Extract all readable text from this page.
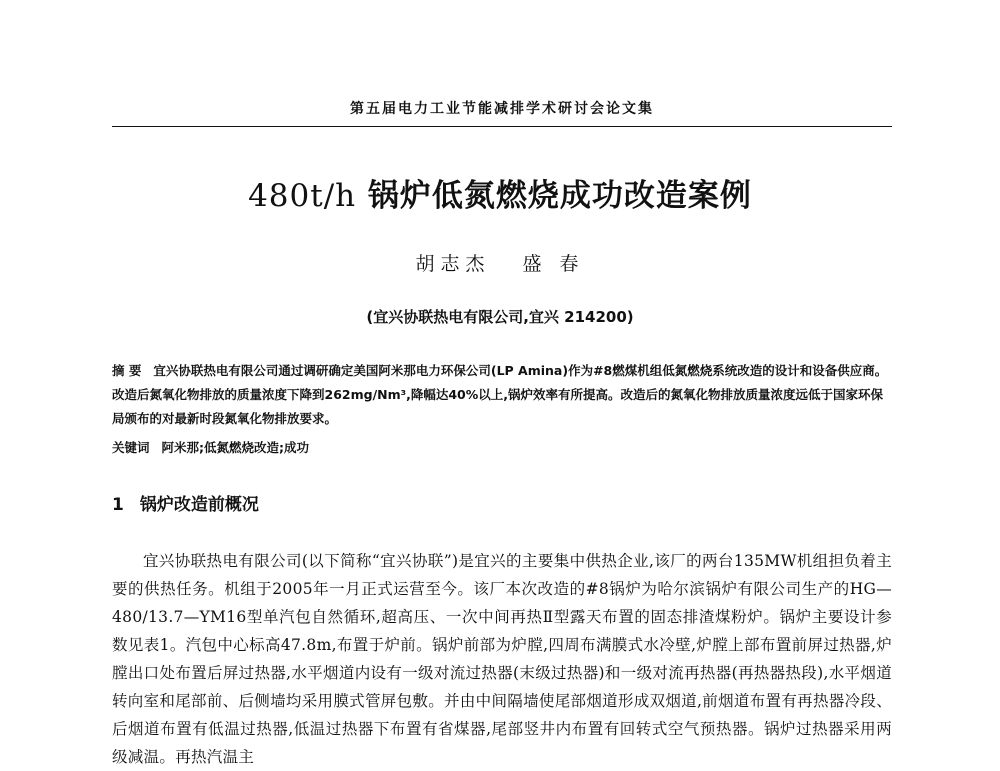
第五届电力工业节能减排学术研讨会论文集
480t/h 锅炉低氮燃烧成功改造案例
胡志杰 盛 春
(宜兴协联热电有限公司,宜兴 214200)
摘 要 宜兴协联热电有限公司通过调研确定美国阿米那电力环保公司(LP Amina)作为#8燃煤机组低氮燃烧系统改造的设计和设备供应商。改造后氮氧化物排放的质量浓度下降到262mg/Nm³,降幅达40%以上,锅炉效率有所提高。改造后的氮氧化物排放质量浓度远低于国家环保局颁布的对最新时段氮氧化物排放要求。
关键词 阿米那;低氮燃烧改造;成功
1 锅炉改造前概况
宜兴协联热电有限公司(以下简称“宜兴协联”)是宜兴的主要集中供热企业,该厂的两台135MW机组担负着主要的供热任务。机组于2005年一月正式运营至今。该厂本次改造的#8锅炉为哈尔滨锅炉有限公司生产的HG—480/13.7—YM16型单汽包自然循环,超高压、一次中间再热Ⅱ型露天布置的固态排渣煤粉炉。锅炉主要设计参数见表1。汽包中心标高47.8m,布置于炉前。锅炉前部为炉膛,四周布满膜式水冷壁,炉膛上部布置前屏过热器,炉膛出口处布置后屏过热器,水平烟道内设有一级对流过热器(末级过热器)和一级对流再热器(再热器热段),水平烟道转向室和尾部前、后侧墙均采用膜式管屏包敷。并由中间隔墙使尾部烟道形成双烟道,前烟道布置有再热器冷段、后烟道布置有低温过热器,低温过热器下布置有省煤器,尾部竖井内布置有回转式空气预热器。锅炉过热器采用两级减温。再热汽温主
